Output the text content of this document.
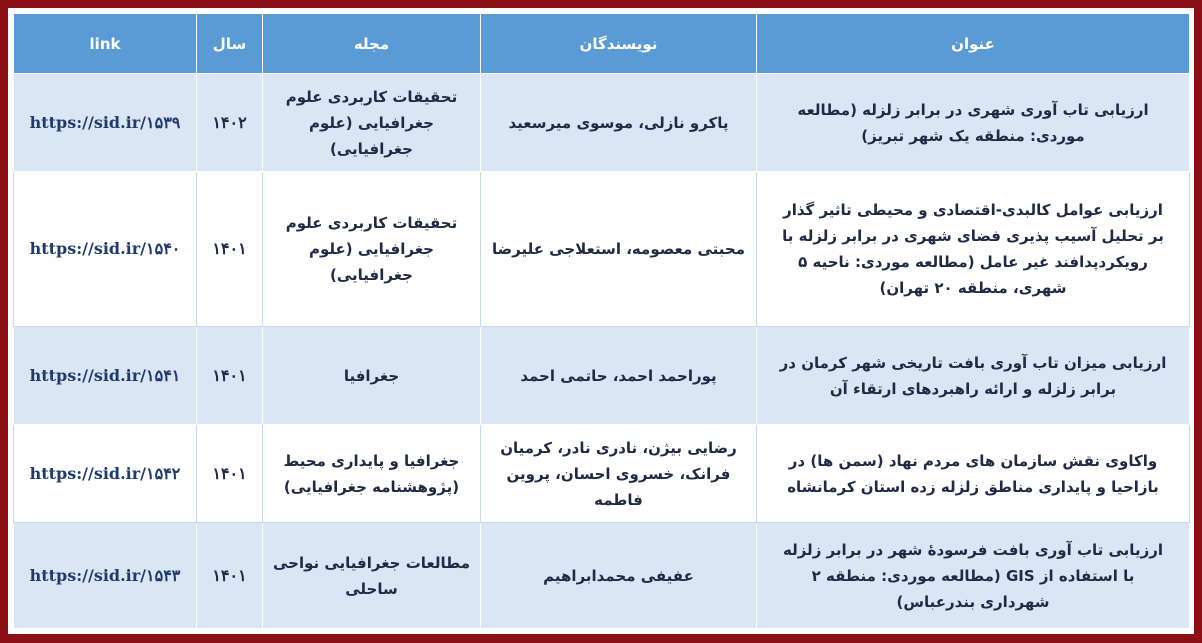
عنوان	نویسندگان	مجله	سال	link
ارزیابی تاب آوری شهری در برابر زلزله (مطالعه موردی: منطقه یک شهر تبریز)	پاکرو نازلی، موسوی میرسعید	تحقیقات کاربردی علوم جغرافیایی (علوم جغرافیایی)	۱۴۰۲	https://sid.ir/۱۵۳۹
ارزیابی عوامل کالبدی-اقتصادی و محیطی تاثیر گذار بر تحلیل آسیب پذیری فضای شهری در برابر زلزله با رویکردپدافند غیر عامل (مطالعه موردی: ناحیه ۵ شهری، منطقه ۲۰ تهران)	محبتی معصومه، استعلاجی علیرضا	تحقیقات کاربردی علوم جغرافیایی (علوم جغرافیایی)	۱۴۰۱	https://sid.ir/۱۵۴۰
ارزیابی میزان تاب آوری بافت تاریخی شهر کرمان در برابر زلزله و ارائه راهبردهای ارتقاء آن	پوراحمد احمد، حاتمی احمد	جغرافیا	۱۴۰۱	https://sid.ir/۱۵۴۱
واکاوی نقش سازمان های مردم نهاد (سمن ها) در بازاحیا و پایداری مناطق زلزله زده استان کرمانشاه	رضایی بیژن، نادری نادر، کرمیان فرانک، خسروی احسان، پروین فاطمه	جغرافیا و پایداری محیط (پژوهشنامه جغرافیایی)	۱۴۰۱	https://sid.ir/۱۵۴۲
ارزیابی تاب آوری بافت فرسودۀ شهر در برابر زلزله با استفاده از GIS (مطالعه موردی: منطقه ۲ شهرداری بندرعباس)	عفیفی محمدابراهیم	مطالعات جغرافیایی نواحی ساحلی	۱۴۰۱	https://sid.ir/۱۵۴۳
